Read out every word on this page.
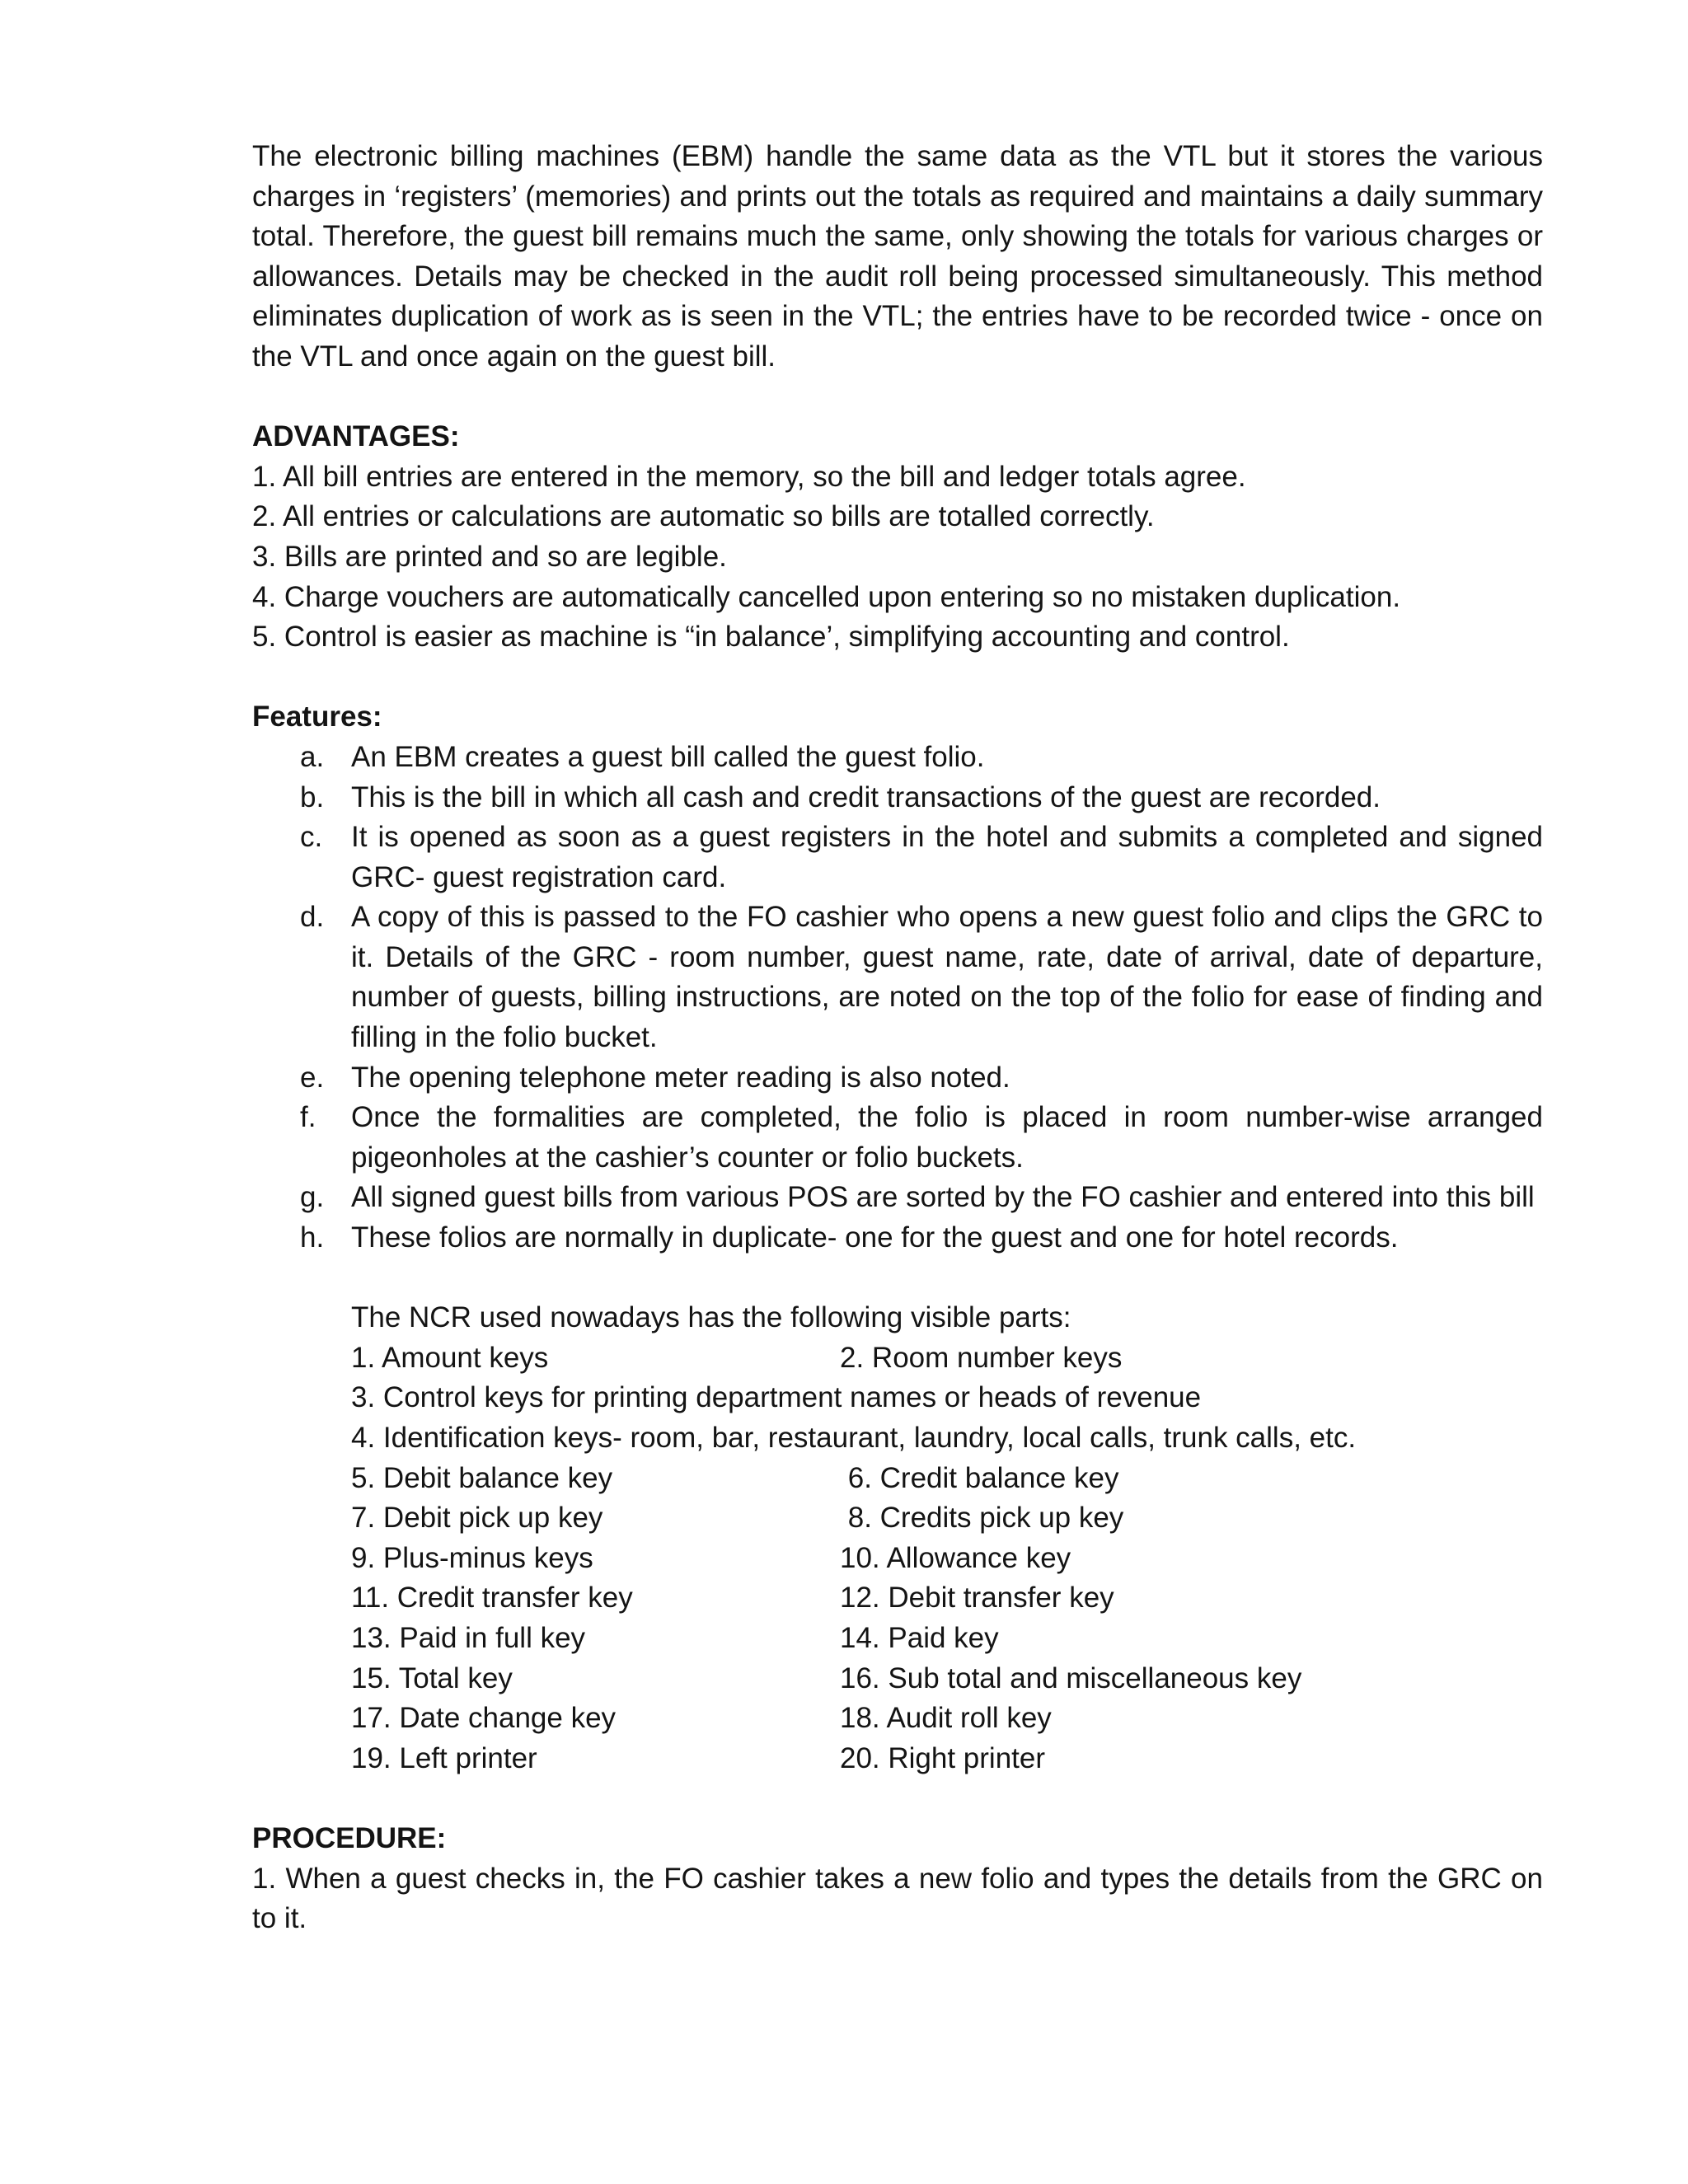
The electronic billing machines (EBM) handle the same data as the VTL but it stores the various charges in ‘registers’ (memories) and prints out the totals as required and maintains a daily summary total. Therefore, the guest bill remains much the same, only showing the totals for various charges or allowances. Details may be checked in the audit roll being processed simultaneously. This method eliminates duplication of work as is seen in the VTL; the entries have to be recorded twice - once on the VTL and once again on the guest bill.

ADVANTAGES:

1. All bill entries are entered in the memory, so the bill and ledger totals agree.
2. All entries or calculations are automatic so bills are totalled correctly.
3. Bills are printed and so are legible.
4. Charge vouchers are automatically cancelled upon entering so no mistaken duplication.
5. Control is easier as machine is “in balance’, simplifying accounting and control.

Features:

a. An EBM creates a guest bill called the guest folio.
b. This is the bill in which all cash and credit transactions of the guest are recorded.
c. It is opened as soon as a guest registers in the hotel and submits a completed and signed GRC- guest registration card.
d. A copy of this is passed to the FO cashier who opens a new guest folio and clips the GRC to it. Details of the GRC - room number, guest name, rate, date of arrival, date of departure, number of guests, billing instructions, are noted on the top of the folio for ease of finding and filling in the folio bucket.
e. The opening telephone meter reading is also noted.
f.	Once the formalities are completed, the folio is placed in room number-wise arranged pigeonholes at the cashier’s counter or folio buckets.
g. All signed guest bills from various POS are sorted by the FO cashier and entered into this bill
h. These folios are normally in duplicate- one for the guest and one for hotel records.
The NCR used nowadays has the following visible parts:
1. Amount keys	2. Room number keys
3. Control keys for printing department names or heads of revenue
4. Identification keys- room, bar, restaurant, laundry, local calls, trunk calls, etc.
5. Debit balance key	6. Credit balance key
7. Debit pick up key	8. Credits pick up key
9. Plus-minus keys	10. Allowance key
11. Credit transfer key	12. Debit transfer key
13. Paid in full key	14. Paid key
15. Total key	16. Sub total and miscellaneous key
17. Date change key	18. Audit roll key
19. Left printer	20. Right printer

PROCEDURE:

1. When a guest checks in, the FO cashier takes a new folio and types the details from the GRC on to it.
